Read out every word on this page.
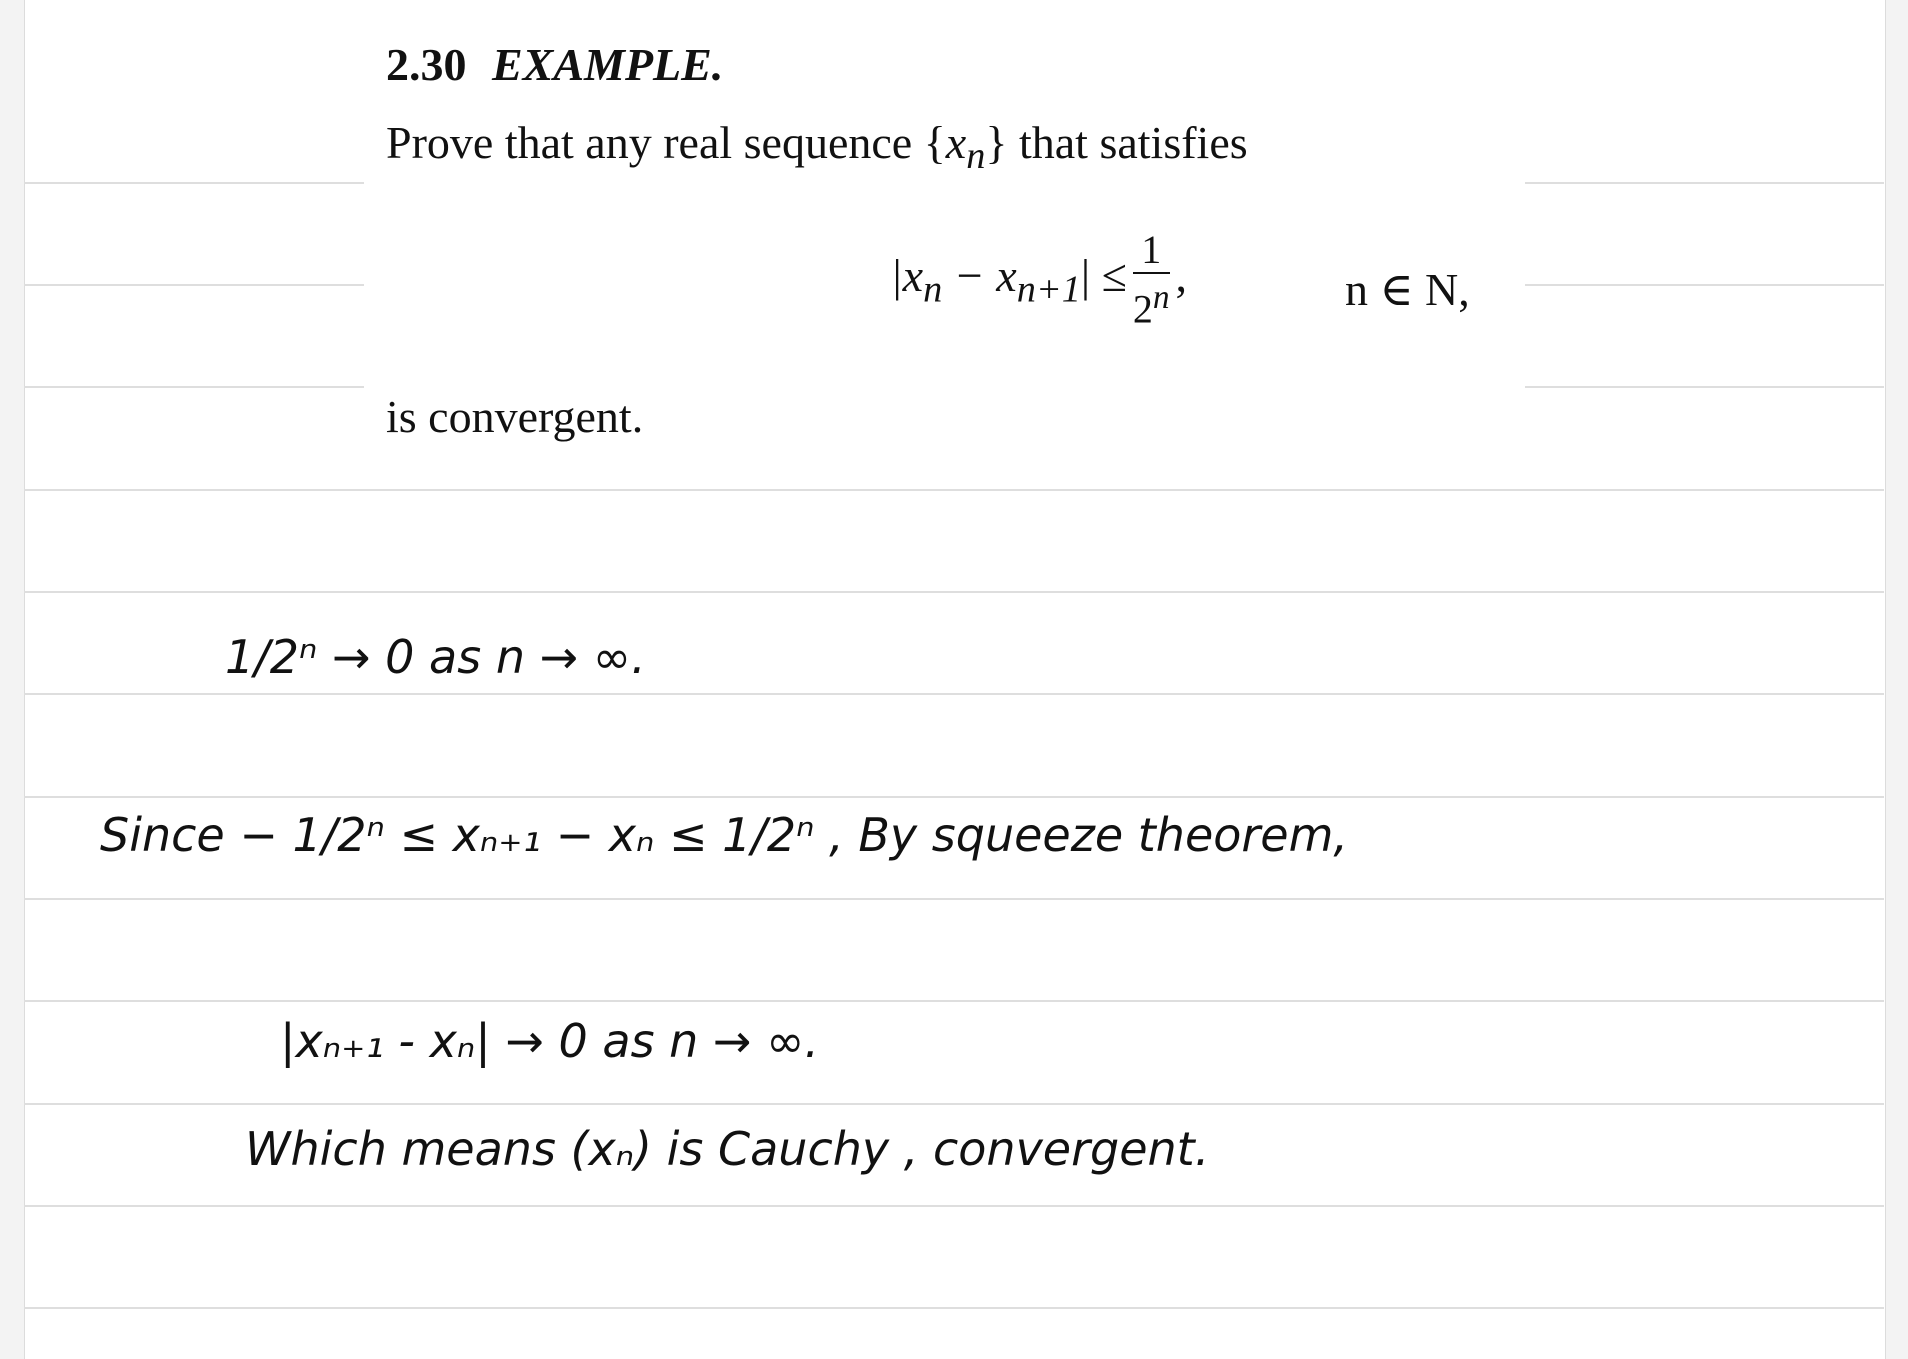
2.30 EXAMPLE.
Prove that any real sequence $\{x_n\}$ that satisfies
$|x_n - x_{n+1}| \le \frac{1}{2^n}$ ,	n ∈ N,
is convergent.
1/2ⁿ → 0 as n → ∞.
Since − 1/2ⁿ ≤ xₙ₊₁ − xₙ ≤ 1/2ⁿ , By squeeze theorem,
|xₙ₊₁ - xₙ| → 0 as n → ∞.
Which means (xₙ) is Cauchy , convergent.
